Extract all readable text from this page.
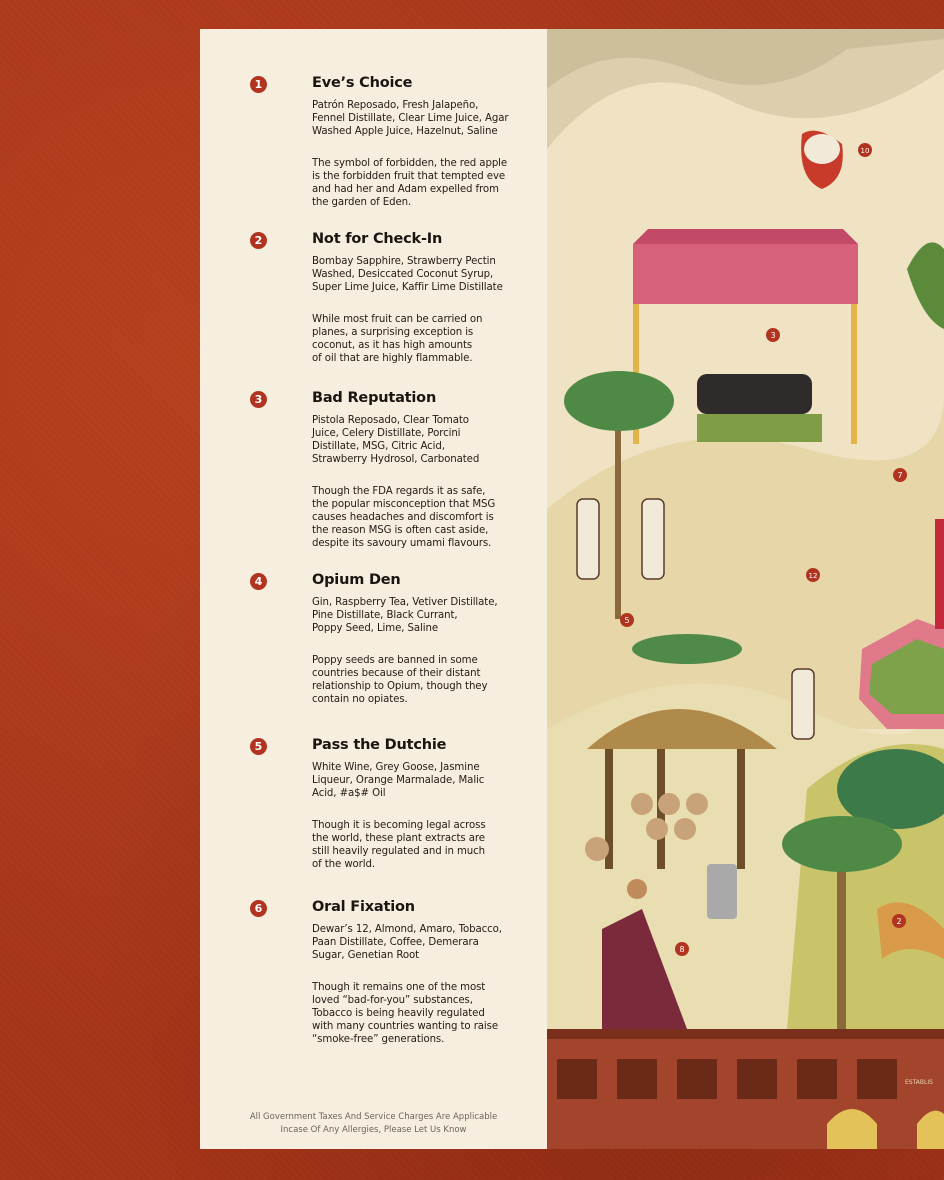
1	Eve’s Choice
Patrón Reposado, Fresh Jalapeño,
Fennel Distillate, Clear Lime Juice, Agar
Washed Apple Juice, Hazelnut, Saline
The symbol of forbidden, the red apple
is the forbidden fruit that tempted eve
and had her and Adam expelled from
the garden of Eden.
2	Not for Check-In
Bombay Sapphire, Strawberry Pectin
Washed, Desiccated Coconut Syrup,
Super Lime Juice, Kaffir Lime Distillate
While most fruit can be carried on
planes, a surprising exception is
coconut, as it has high amounts
of oil that are highly flammable.
3	Bad Reputation
Pistola Reposado, Clear Tomato
Juice, Celery Distillate, Porcini
Distillate, MSG, Citric Acid,
Strawberry Hydrosol, Carbonated
Though the FDA regards it as safe,
the popular misconception that MSG
causes headaches and discomfort is
the reason MSG is often cast aside,
despite its savoury umami flavours.
4	Opium Den
Gin, Raspberry Tea, Vetiver Distillate,
Pine Distillate, Black Currant,
Poppy Seed, Lime, Saline
Poppy seeds are banned in some
countries because of their distant
relationship to Opium, though they
contain no opiates.
5	Pass the Dutchie
White Wine, Grey Goose, Jasmine
Liqueur, Orange Marmalade, Malic
Acid, #a$# Oil
Though it is becoming legal across
the world, these plant extracts are
still heavily regulated and in much
of the world.
6	Oral Fixation
Dewar’s 12, Almond, Amaro, Tobacco,
Paan Distillate, Coffee, Demerara
Sugar, Genetian Root
Though it remains one of the most
loved “bad-for-you” substances,
Tobacco is being heavily regulated
with many countries wanting to raise
“smoke-free” generations.
All Government Taxes And Service Charges Are Applicable
Incase Of Any Allergies, Please Let Us Know
ESTABLIS
10
3
7
12
5
8
2
